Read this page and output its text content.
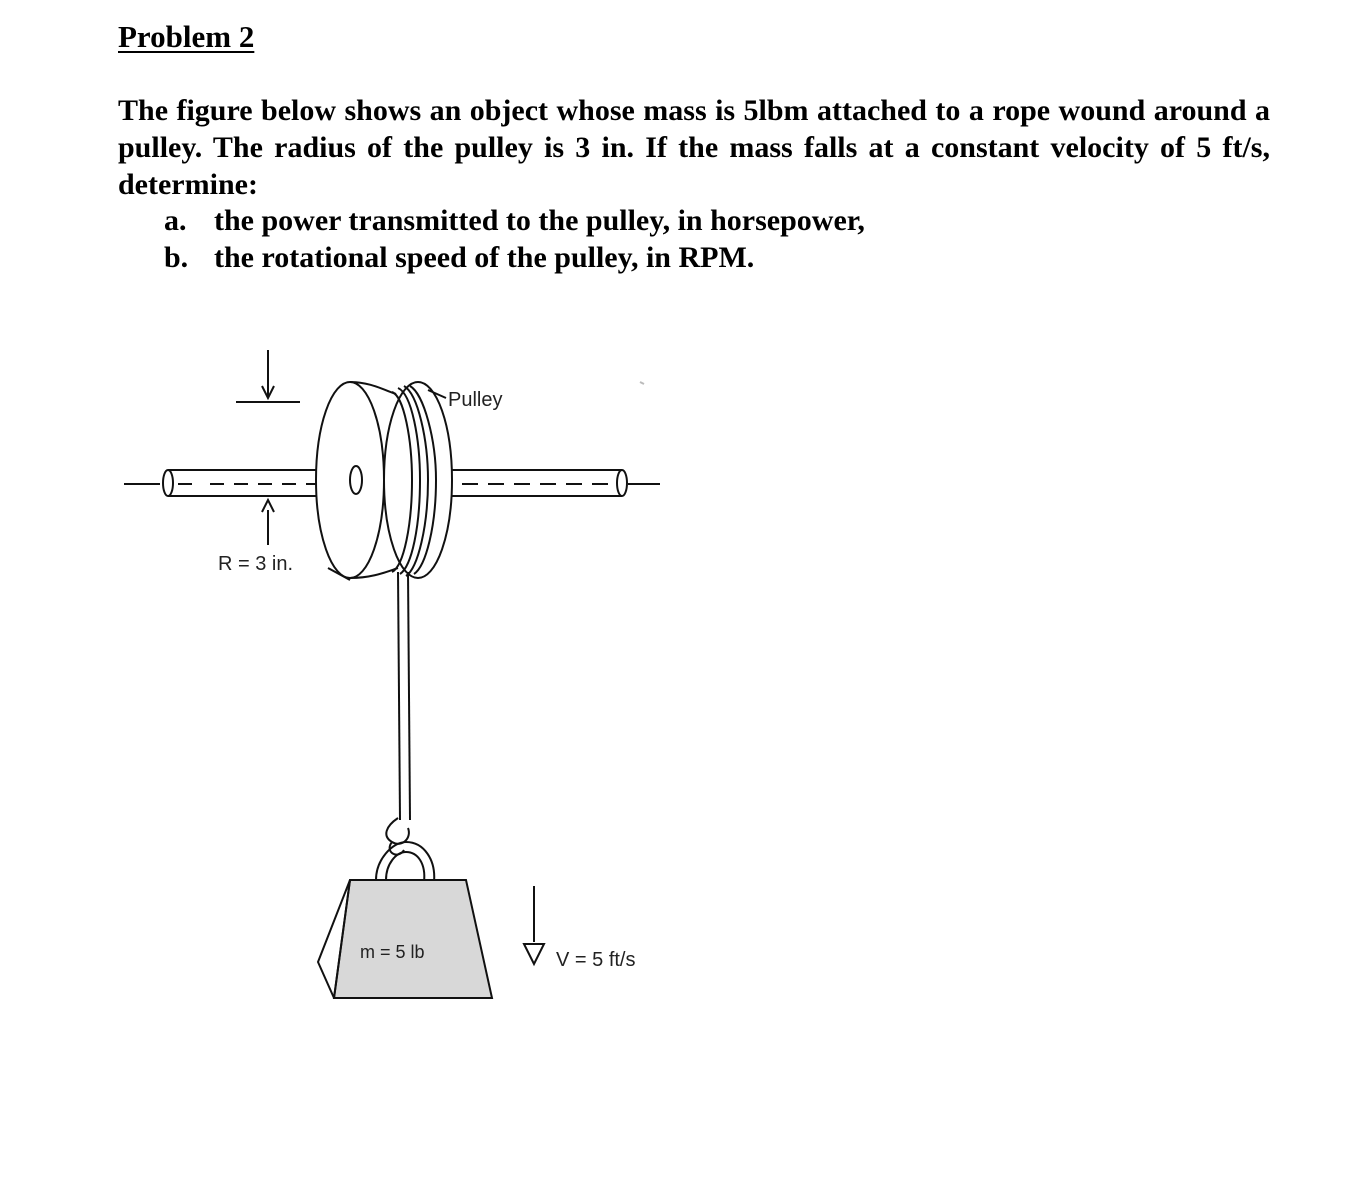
Problem 2

The figure below shows an object whose mass is 5lbm attached to a rope wound around a pulley. The radius of the pulley is 3 in. If the mass falls at a constant velocity of 5 ft/s, determine:

a. the power transmitted to the pulley, in horsepower,
b. the rotational speed of the pulley, in RPM.
Pulley
R = 3 in.
m = 5 lb	V = 5 ft/s
